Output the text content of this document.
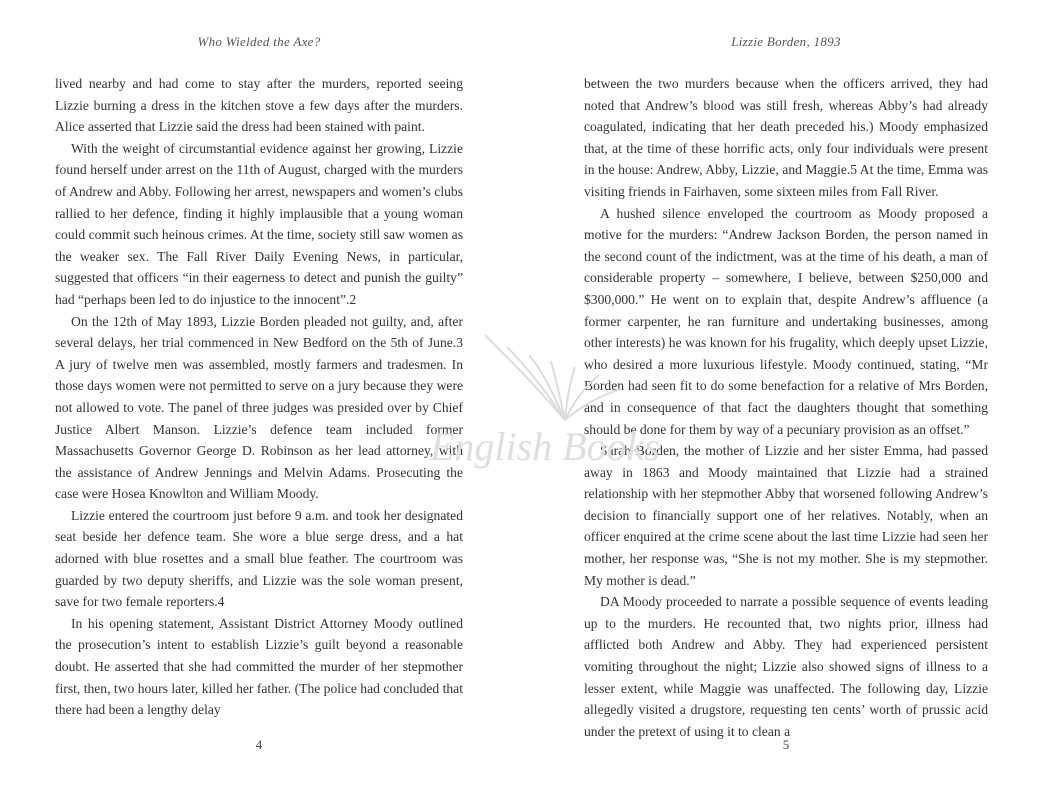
Who Wielded the Axe?

lived nearby and had come to stay after the murders, reported seeing Lizzie burning a dress in the kitchen stove a few days after the murders. Alice asserted that Lizzie said the dress had been stained with paint.

With the weight of circumstantial evidence against her growing, Lizzie found herself under arrest on the 11th of August, charged with the murders of Andrew and Abby. Following her arrest, newspapers and women’s clubs rallied to her defence, finding it highly implausible that a young woman could commit such heinous crimes. At the time, society still saw women as the weaker sex. The Fall River Daily Evening News, in particular, suggested that officers “in their eagerness to detect and punish the guilty” had “perhaps been led to do injustice to the innocent”.2

On the 12th of May 1893, Lizzie Borden pleaded not guilty, and, after several delays, her trial commenced in New Bedford on the 5th of June.3 A jury of twelve men was assembled, mostly farmers and tradesmen. In those days women were not permitted to serve on a jury because they were not allowed to vote. The panel of three judges was presided over by Chief Justice Albert Manson. Lizzie’s defence team included former Massachusetts Governor George D. Robinson as her lead attorney, with the assistance of Andrew Jennings and Melvin Adams. Prosecuting the case were Hosea Knowlton and William Moody.

Lizzie entered the courtroom just before 9 a.m. and took her designated seat beside her defence team. She wore a blue serge dress, and a hat adorned with blue rosettes and a small blue feather. The courtroom was guarded by two deputy sheriffs, and Lizzie was the sole woman present, save for two female reporters.4

In his opening statement, Assistant District Attorney Moody outlined the prosecution’s intent to establish Lizzie’s guilt beyond a reasonable doubt. He asserted that she had committed the murder of her stepmother first, then, two hours later, killed her father. (The police had concluded that there had been a lengthy delay

4
Lizzie Borden, 1893

between the two murders because when the officers arrived, they had noted that Andrew’s blood was still fresh, whereas Abby’s had already coagulated, indicating that her death preceded his.) Moody emphasized that, at the time of these horrific acts, only four individuals were present in the house: Andrew, Abby, Lizzie, and Maggie.5 At the time, Emma was visiting friends in Fairhaven, some sixteen miles from Fall River.

A hushed silence enveloped the courtroom as Moody proposed a motive for the murders: “Andrew Jackson Borden, the person named in the second count of the indictment, was at the time of his death, a man of considerable property – somewhere, I believe, between $250,000 and $300,000.” He went on to explain that, despite Andrew’s affluence (a former carpenter, he ran furniture and undertaking businesses, among other interests) he was known for his frugality, which deeply upset Lizzie, who desired a more luxurious lifestyle. Moody continued, stating, “Mr Borden had seen fit to do some benefaction for a relative of Mrs Borden, and in consequence of that fact the daughters thought that something should be done for them by way of a pecuniary provision as an offset.”

Sarah Borden, the mother of Lizzie and her sister Emma, had passed away in 1863 and Moody maintained that Lizzie had a strained relationship with her stepmother Abby that worsened following Andrew’s decision to financially support one of her relatives. Notably, when an officer enquired at the crime scene about the last time Lizzie had seen her mother, her response was, “She is not my mother. She is my stepmother. My mother is dead.”

DA Moody proceeded to narrate a possible sequence of events leading up to the murders. He recounted that, two nights prior, illness had afflicted both Andrew and Abby. They had experienced persistent vomiting throughout the night; Lizzie also showed signs of illness to a lesser extent, while Maggie was unaffected. The following day, Lizzie allegedly visited a drugstore, requesting ten cents’ worth of prussic acid under the pretext of using it to clean a

5
English Books
